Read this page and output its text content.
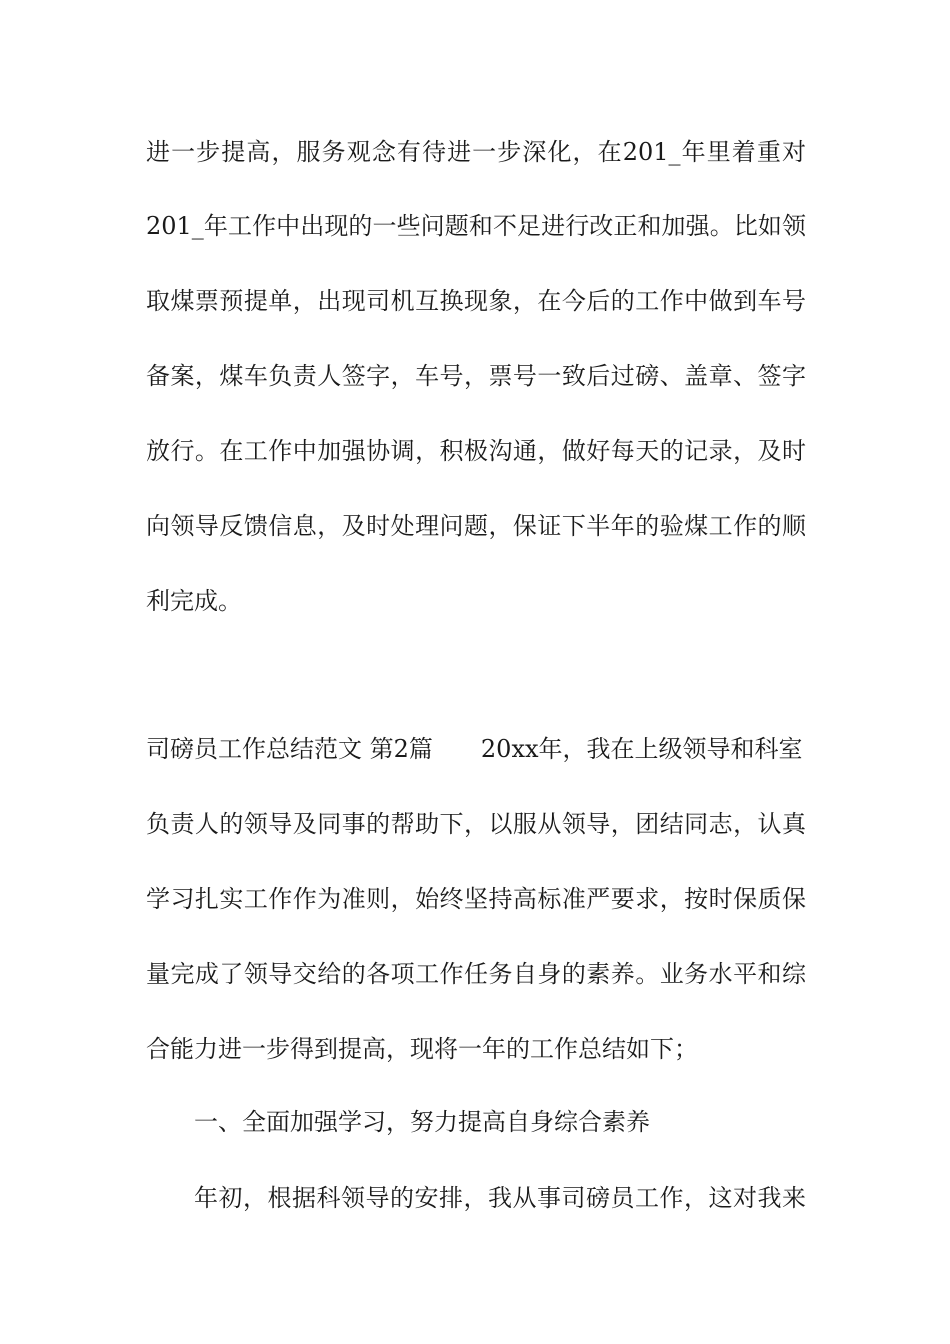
进一步提高，服务观念有待进一步深化，在201_年里着重对
201_年工作中出现的一些问题和不足进行改正和加强。比如领
取煤票预提单，出现司机互换现象，在今后的工作中做到车号
备案，煤车负责人签字，车号，票号一致后过磅、盖章、签字
放行。在工作中加强协调，积极沟通，做好每天的记录，及时
向领导反馈信息，及时处理问题，保证下半年的验煤工作的顺
利完成。
司磅员工作总结范文 第2篇 20xx年，我在上级领导和科室
负责人的领导及同事的帮助下，以服从领导，团结同志，认真
学习扎实工作作为准则，始终坚持高标准严要求，按时保质保
量完成了领导交给的各项工作任务自身的素养。业务水平和综
合能力进一步得到提高，现将一年的工作总结如下；
一、全面加强学习，努力提高自身综合素养
年初，根据科领导的安排，我从事司磅员工作，这对我来
